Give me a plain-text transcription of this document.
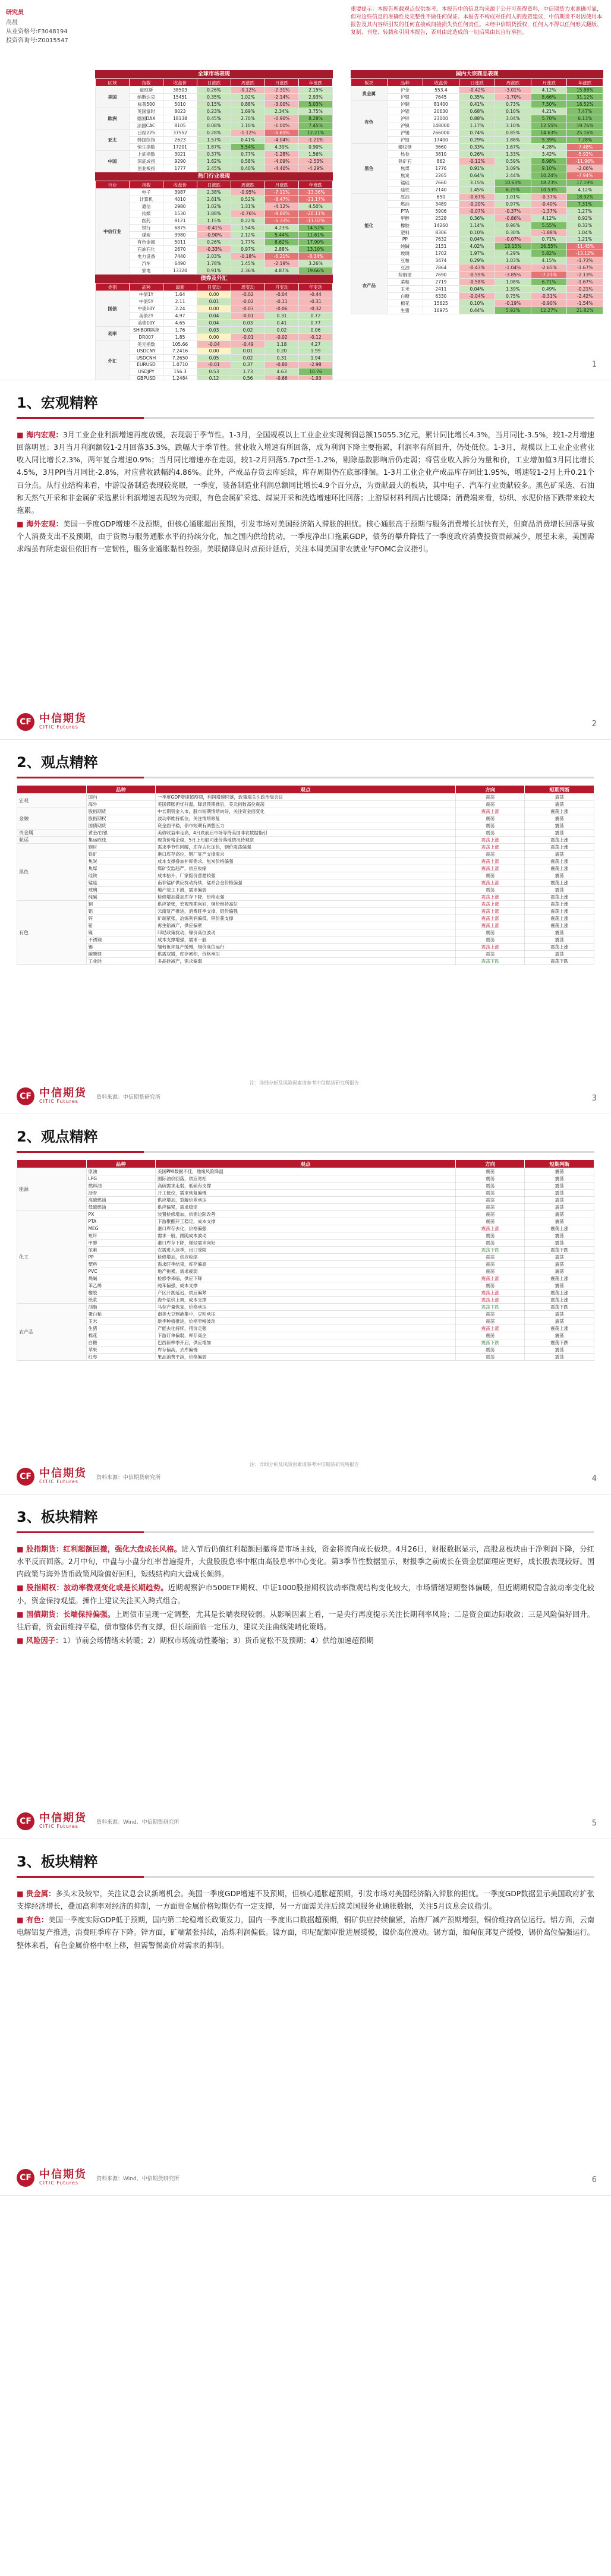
研究员
高晨
从业资格号:F3048194
投资咨询号:Z0015547
重要提示：本报告所载观点仅供参考。本报告中的信息均来源于公开可获得资料，中信期货力求准确可靠，但对这些信息的准确性及完整性不做任何保证。本报告不构成对任何人的投资建议，中信期货不对因使用本报告及其内容所引发的任何直接或间接损失负任何责任。未经中信期货授权，任何人不得以任何形式翻版、复制、刊登、转载和引用本报告，否则由此造成的一切后果由其自行承担。
全球市场表现
区域	指数	收盘价	日涨跌	周涨跌	月涨跌	年涨跌
美国	道琼斯	38503	0.26%	-0.12%	-2.31%	2.15%
	纳斯达克	15451	0.35%	1.02%	-2.14%	2.93%
	标普500	5010	0.15%	0.88%	-3.00%	5.03%
欧洲	英国富时	8023	0.23%	1.69%	2.34%	3.75%
	德国DAX	18138	0.45%	2.70%	-0.90%	8.28%
	法国CAC	8105	0.08%	1.10%	-1.00%	7.45%
亚太	日经225	37552	0.28%	-1.12%	-5.65%	12.21%
	韩国综指	2623	1.57%	0.41%	-4.04%	-1.21%
	恒生指数	17201	1.87%	5.54%	4.39%	0.90%
中国	上证指数	3021	0.37%	0.77%	-1.28%	1.56%
	深证成指	9290	1.62%	0.58%	-4.09%	-2.53%
	创业板指	1777	2.45%	0.40%	-4.40%	-4.29%
热门行业表现
行业	指数	收盘价	日涨跌	周涨跌	月涨跌	年涨跌
中信行业	电子	3987	2.38%	-0.95%	-7.11%	-13.36%
	计算机	4010	2.61%	0.52%	-8.47%	-21.17%
	通信	2980	1.02%	1.31%	-4.12%	4.50%
	传媒	1530	1.88%	-0.76%	-9.80%	-20.11%
	医药	8121	1.15%	0.22%	-5.33%	-11.02%
	银行	6875	-0.41%	1.54%	4.23%	14.52%
	煤炭	3980	-0.90%	2.12%	5.44%	11.61%
	有色金属	5011	0.26%	1.77%	8.62%	17.90%
	石油石化	2670	-0.33%	0.97%	2.88%	13.10%
	电力设备	7440	2.03%	-0.18%	-6.21%	-8.34%
	汽车	6490	1.78%	1.45%	-2.19%	3.26%
	家电	13320	0.91%	2.36%	4.87%	19.66%
债券及外汇
类别	品种	最新	日变动	周变动	月变动	年变动
国债	中债1Y	1.64	0.00	-0.02	-0.04	-0.44
	中债5Y	2.11	0.01	-0.02	-0.11	-0.31
	中债10Y	2.24	0.00	-0.03	-0.06	-0.32
	美债2Y	4.97	0.04	-0.01	0.31	0.72
	美债10Y	4.65	0.04	0.03	0.41	0.77
利率	SHIBOR隔夜	1.76	0.03	0.02	0.02	0.06
	DR007	1.85	0.00	-0.01	-0.02	-0.12
外汇	美元指数	105.66	-0.04	-0.49	1.18	4.27
	USDCNY	7.2416	0.00	0.01	0.20	1.99
	USDCNH	7.2650	0.05	0.02	0.31	1.94
	EURUSD	1.0710	-0.01	0.37	-0.80	-2.98
	USDJPY	156.3	0.53	1.73	4.63	10.76
	GBPUSD	1.2484	0.12	0.56	-0.66	-1.93
国内大宗商品表现
板块	品种	收盘价	日涨跌	周涨跌	月涨跌	年涨跌
贵金属	沪金	553.4	-0.42%	-3.01%	4.12%	15.88%
	沪银	7645	0.35%	-1.70%	8.66%	31.12%
有色	沪铜	81400	0.41%	0.73%	7.50%	18.52%
	沪铝	20630	0.68%	0.10%	4.21%	7.47%
	沪锌	23000	0.88%	3.04%	5.70%	6.13%
	沪镍	148000	1.17%	3.10%	12.55%	19.76%
	沪锡	266000	0.74%	0.85%	14.63%	25.16%
	沪铅	17400	0.29%	1.88%	5.39%	7.28%
黑色	螺纹钢	3660	0.33%	1.67%	4.28%	-7.48%
	热卷	3810	0.26%	1.33%	3.42%	-5.92%
	铁矿石	862	-0.12%	0.59%	8.98%	-11.96%
	焦煤	1776	0.91%	3.09%	9.10%	-2.06%
	焦炭	2265	0.64%	2.44%	10.24%	-7.94%
	锰硅	7660	3.15%	10.63%	18.23%	17.19%
	硅铁	7140	1.45%	6.25%	10.53%	4.12%
能化	原油	650	-0.67%	1.01%	-0.37%	18.92%
	燃油	3489	-0.20%	0.97%	-0.40%	7.31%
	PTA	5906	-0.07%	-0.37%	-1.37%	1.27%
	甲醇	2528	0.36%	-0.86%	4.12%	0.92%
	橡胶	14260	1.14%	0.96%	5.55%	0.32%
	塑料	8306	0.10%	0.30%	-1.88%	1.04%
	PP	7632	0.04%	-0.07%	0.71%	1.21%
	纯碱	2151	4.02%	13.15%	26.55%	-11.45%
	玻璃	1702	1.97%	4.29%	5.82%	-13.12%
农产品	豆粕	3474	0.29%	1.03%	4.15%	-1.73%
	豆油	7864	-0.43%	-1.04%	-2.65%	-1.67%
	棕榈油	7690	-0.59%	-3.85%	-7.23%	-2.13%
	菜粕	2719	-0.58%	1.08%	6.71%	-1.67%
	玉米	2411	0.04%	1.39%	0.49%	-0.21%
	白糖	6330	-0.04%	0.75%	-0.31%	-2.42%
	棉花	15625	0.10%	-0.19%	-0.90%	-1.54%
	生猪	16975	0.44%	5.92%	12.27%	21.82%
1
1、宏观精粹

■ 海内宏观：3月工业企业利润增速再度放缓，表现弱于季节性。1-3月，全国规模以上工业企业实现利润总额15055.3亿元，累计同比增长4.3%，当月同比-3.5%，较1-2月增速回落明显；3月当月利润额较1-2月回落35.3%，跌幅大于季节性。营业收入增速有所回落，成为利润下降主要拖累，利润率有所回升，仍处低位。1-3月，规模以上工业企业营业收入同比增长2.3%，两年复合增速0.9%；当月同比增速亦在走弱，较1-2月回落5.7pct至-1.2%，剔除基数影响后仍走弱；将营业收入拆分为量和价，工业增加值3月同比增长4.5%，3月PPI当月同比-2.8%，对应营收跌幅约4.86%。此外，产成品存货去库延续，库存周期仍在底部徘徊。1-3月工业企业产成品库存同比1.95%，增速较1-2月上升0.21个百分点。从行业结构来看，中游设备制造表现较亮眼，一季度，装备制造业利润总额同比增长4.9个百分点，为贡献最大的板块，其中电子、汽车行业贡献较多。黑色矿采选、石油和天然气开采和非金属矿采选累计利润增速表现较为亮眼，有色金属矿采选、煤炭开采和洗选增速环比回落；上游原材料利润占比缓降；消费端来看，纺织、水泥价格下跌带来较大拖累。

■ 海外宏观：美国一季度GDP增速不及预期，但核心通胀超出预期，引发市场对美国经济陷入滞胀的担忧。核心通胀高于预期与服务消费增长加快有关，但商品消费增长回落导致个人消费支出不及预期，由于货物与服务通胀水平的持续分化，加之国内供给扰动，一季度净出口拖累GDP，债务的攀升降低了一季度政府消费投资贡献减少，展望未来，美国需求端虽有所走弱但依旧有一定韧性，服务业通胀黏性较强。美联储降息时点预计延后，关注本周美国非农就业与FOMC会议指引。

CF 中信期货
CITIC Futures	2
2、观点精粹
	品种	观点	方向	短期判断
宏观	国内	一季度GDP增速超预期，利润增速回落，政策端关注政治局会议	震荡	震荡
	海外	美国滞胀担忧升温，降息预期推后，美元指数高位震荡	震荡	震荡
金融	股指期货	中长期资金入市，股市短期情绪向好，关注资金面变化	震荡上涨	震荡上涨
	股指期权	波动率维持低位，关注情绪修复	震荡	震荡
	国债期货	资金面平稳，债市短期有调整压力	震荡	震荡
贵金属	黄金/白银	美债收益率走高，4月底前后市场等待美国非农数据指引	震荡	震荡
航运	集运欧线	现货价格企稳，5月上旬船司涨价落地情况待观察	震荡上涨	震荡上涨
黑色	钢材	需求季节性回暖，库存去化加快，钢价震荡偏强	震荡上涨	震荡上涨
	铁矿	港口库存高位，钢厂复产支撑需求	震荡	震荡
	焦炭	成本支撑叠加补库需求，焦炭价格偏强	震荡上涨	震荡上涨
	焦煤	煤矿安监趋严，供应收缩	震荡上涨	震荡上涨
	硅铁	成本抬升，厂家挺价意愿较强	震荡	震荡
	锰硅	南非锰矿供应扰动持续，锰系合金价格偏强	震荡上涨	震荡上涨
	玻璃	地产竣工下滑，需求偏弱	震荡	震荡
	纯碱	检修增加叠加库存下降，价格走强	震荡上涨	震荡上涨
有色	铜	供应紧张，宏观预期向好，铜价维持高位	震荡上涨	震荡上涨
	铝	云南复产推进，消费旺季支撑，铝价偏强	震荡上涨	震荡上涨
	锌	矿端紧张，冶炼利润偏低，锌价获支撑	震荡上涨	震荡上涨
	铅	再生铅减产，供应偏紧	震荡上涨	震荡上涨
	镍	印尼政策扰动，镍价高位波动	震荡	震荡
	不锈钢	成本支撑增强，需求一般	震荡	震荡
	锡	缅甸佤邦复产缓慢，锡价高位运行	震荡上涨	震荡上涨
	碳酸锂	供需双增，库存累积，价格承压	震荡	震荡
	工业硅	多晶硅减产，需求偏弱	震荡下跌	震荡下跌
注：详细分析及风险因素请参考中信期货研究所报告
CF 中信期货
CITIC Futures
资料来源：中信期货研究所	3
2、观点精粹
	品种	观点	方向	短期判断
能源	原油	美国PMI数据不佳，地缘风险降温	震荡	震荡
	LPG	国际油价回落，供应宽松	震荡	震荡
	燃料油	高硫需求走弱，低硫有支撑	震荡	震荡
	沥青	开工低位，需求恢复偏慢	震荡	震荡
	高硫燃油	供应增加，裂解价差承压	震荡	震荡
	低硫燃油	供应偏紧，需求稳定	震荡	震荡
化工	PX	装置检修增加，供需边际改善	震荡	震荡
	PTA	下游聚酯开工稳定，成本支撑	震荡	震荡
	MEG	港口库存去化，价格偏强	震荡上涨	震荡上涨
	短纤	需求一般，跟随成本波动	震荡	震荡
	甲醇	港口库存下降，烯烃需求向好	震荡	震荡
	尿素	农需进入淡季，出口受限	震荡下跌	震荡下跌
	PP	检修增加，供应收缩	震荡	震荡
	塑料	需求旺季结束，库存偏高	震荡	震荡
	PVC	地产拖累，需求疲弱	震荡	震荡
	烧碱	检修季来临，供应下降	震荡上涨	震荡上涨
	苯乙烯	纯苯偏强，成本支撑	震荡	震荡
	橡胶	产区开割延迟，供应偏紧	震荡上涨	震荡上涨
	纸浆	海外浆价上调，成本支撑	震荡上涨	震荡上涨
农产品	油脂	马棕产量恢复，价格承压	震荡下跌	震荡下跌
	蛋白粕	南美大豆到港集中，豆粕承压	震荡	震荡
	玉米	新季种植推进，价格窄幅波动	震荡	震荡
	生猪	产能去化持续，猪价走强	震荡上涨	震荡上涨
	棉花	下游订单偏弱，库存高企	震荡	震荡
	白糖	巴西新榨季开启，供应增加	震荡下跌	震荡下跌
	苹果	库存偏高，去库偏慢	震荡	震荡
	红枣	果品消费平淡，价格偏弱	震荡	震荡
注：详细分析及风险因素请参考中信期货研究所报告
CF 中信期货
CITIC Futures
资料来源：中信期货研究所	4
3、板块精粹

■ 股指期货：红利超额回撤，强化大盘成长风格。进入节后仍值红利超额回撤将是市场主线，资金将流向成长板块。4月26日，财报数据显示，高股息板块由于净利润下降，分红水平反而回落。2月中旬，中盘与小盘分红率普遍提升，大盘股股息率中枢由高股息率中心变化。第3季节性数据显示，财报季之前成长在资金层面理应更好，成长股表现较好。国内政策与海外货币政策风险偏好回归，短线结构向大盘成长倾斜。

■ 股指期权：波动率微观变化或是长期趋势。近期观察沪市500ETF期权、中证1000股指期权波动率微观结构变化较大，市场情绪短期整体偏暖，但近期期权隐含波动率变化较小，资金保持观望。操作上建议关注买入跨式组合。

■ 国债期货：长端保持偏强。上周债市呈现一定调整，尤其是长端表现较弱。从影响因素上看，一是央行再度提示关注长期利率风险；二是资金面边际收敛；三是风险偏好回升。往后看，资金面维持平稳，债市整体仍有支撑，但长端面临一定压力，建议关注曲线陡峭化策略。

■ 风险因子：1）节前会场情绪未转暖；2）期权市场流动性萎缩；3）货币宽松不及预期；4）供给加速超预期

CF 中信期货
CITIC Futures
资料来源：Wind、中信期货研究所	5
3、板块精粹

■ 贵金属：多头未及较窄，关注议息会议新增机会。美国一季度GDP增速不及预期，但核心通胀超预期，引发市场对美国经济陷入滞胀的担忧。一季度GDP数据显示美国政府扩张支撑经济增长，叠加高利率对经济的抑制，一方面贵金属价格短期仍有一定支撑，另一方面需关注后续美国服务业通胀数据，关注5月议息会议指引。

■ 有色：美国一季度实际GDP低于预期，国内第二轮稳增长政策发力，国内一季度出口数据超预期，铜矿供应持续偏紧，冶炼厂减产预期增强，铜价维持高位运行。铝方面，云南电解铝复产推进，消费旺季库存下降。锌方面，矿端紧张持续，冶炼利润偏低。镍方面，印尼配额审批进展缓慢，镍价高位波动。锡方面，缅甸佤邦复产缓慢，锡价高位偏强运行。整体来看，有色金属价格中枢上移，但需警惕高价对需求的抑制。

CF 中信期货
CITIC Futures
资料来源：Wind、中信期货研究所	6
